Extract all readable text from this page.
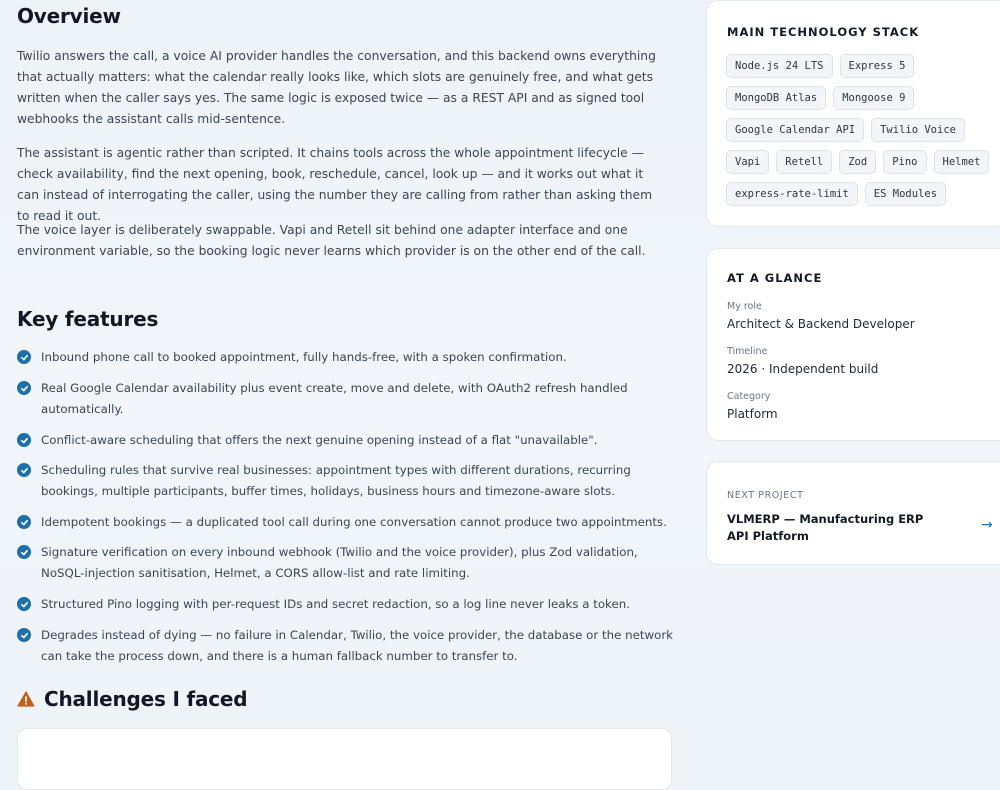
Overview

Twilio answers the call, a voice AI provider handles the conversation, and this backend owns everything that actually matters: what the calendar really looks like, which slots are genuinely free, and what gets written when the caller says yes. The same logic is exposed twice — as a REST API and as signed tool webhooks the assistant calls mid-sentence.

The assistant is agentic rather than scripted. It chains tools across the whole appointment lifecycle — check availability, find the next opening, book, reschedule, cancel, look up — and it works out what it can instead of interrogating the caller, using the number they are calling from rather than asking them to read it out.

The voice layer is deliberately swappable. Vapi and Retell sit behind one adapter interface and one environment variable, so the booking logic never learns which provider is on the other end of the call.

Key features
Inbound phone call to booked appointment, fully hands-free, with a spoken confirmation.
Real Google Calendar availability plus event create, move and delete, with OAuth2 refresh handled automatically.
Conflict-aware scheduling that offers the next genuine opening instead of a flat "unavailable".
Scheduling rules that survive real businesses: appointment types with different durations, recurring bookings, multiple participants, buffer times, holidays, business hours and timezone-aware slots.
Idempotent bookings — a duplicated tool call during one conversation cannot produce two appointments.
Signature verification on every inbound webhook (Twilio and the voice provider), plus Zod validation, NoSQL-injection sanitisation, Helmet, a CORS allow-list and rate limiting.
Structured Pino logging with per-request IDs and secret redaction, so a log line never leaks a token.
Degrades instead of dying — no failure in Calendar, Twilio, the voice provider, the database or the network can take the process down, and there is a human fallback number to transfer to.
Challenges I faced
MAIN TECHNOLOGY STACK
Node.js 24 LTS	Express 5
MongoDB Atlas	Mongoose 9
Google Calendar API	Twilio Voice
Vapi	Retell	Zod	Pino	Helmet
express-rate-limit	ES Modules
AT A GLANCE
My role
Architect & Backend Developer
Timeline
2026 · Independent build
Category
Platform
NEXT PROJECT
VLMERP — Manufacturing ERP API Platform
→
